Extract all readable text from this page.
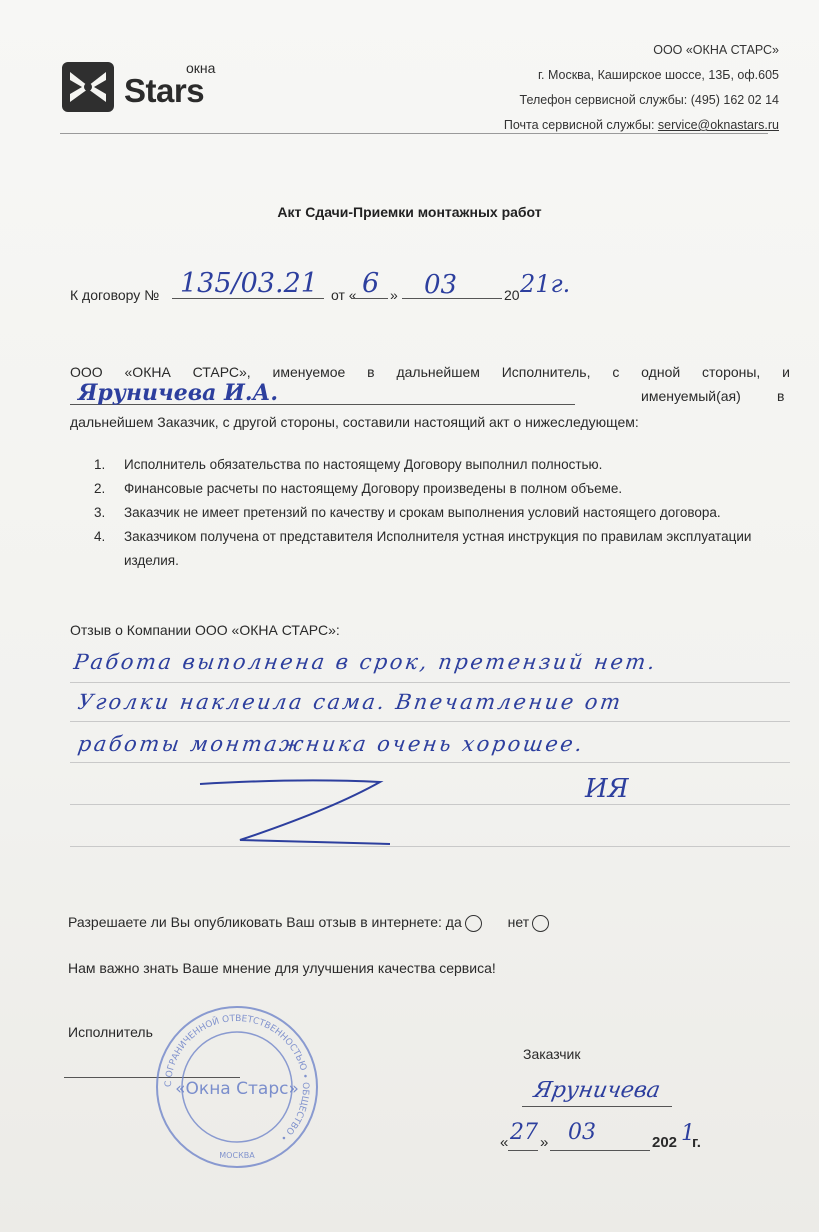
окна
Stars
ООО «ОКНА СТАРС»
г. Москва, Каширское шоссе, 13Б, оф.605
Телефон сервисной службы: (495) 162 02 14
Почта сервисной службы: service@oknastars.ru
Акт Сдачи-Приемки монтажных работ
К договору № 135/03.21 от « 6 » 03	20 21г.
ООО «ОКНА СТАРС», именуемое в дальнейшем Исполнитель, с одной стороны, и
Яруничева И.А.	именуемый(ая)	в
дальнейшем Заказчик, с другой стороны, составили настоящий акт о нижеследующем:
1. Исполнитель обязательства по настоящему Договору выполнил полностью.
2. Финансовые расчеты по настоящему Договору произведены в полном объеме.
3. Заказчик не имеет претензий по качеству и срокам выполнения условий настоящего договора.
4. Заказчиком получена от представителя Исполнителя устная инструкция по правилам эксплуатации изделия.
Отзыв о Компании ООО «ОКНА СТАРС»:
Работа выполнена в срок, претензий нет.
Уголки наклеила сама. Впечатление от
работы монтажника очень хорошее.
ИЯ
Разрешаете ли Вы опубликовать Ваш отзыв в интернете: да	нет
Нам важно знать Ваше мнение для улучшения качества сервиса!
Исполнитель
С ОГРАНИЧЕННОЙ ОТВЕТСТВЕННОСТЬЮ • ОБЩЕСТВО •
«Окна Старс»
МОСКВА
Заказчик
Яруничева
« 27 » 03	202 1
г.
